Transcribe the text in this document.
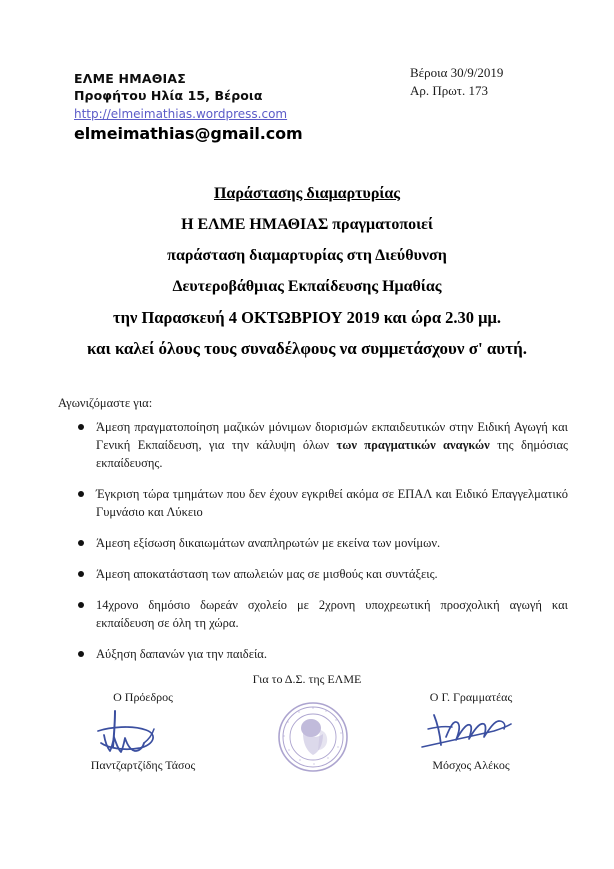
ΕΛΜΕ ΗΜΑΘΙΑΣ
Προφήτου Ηλία 15, Βέροια
http://elmeimathias.wordpress.com
elmeimathias@gmail.com
Βέροια 30/9/2019
Αρ. Πρωτ. 173
Παράστασης διαμαρτυρίας
Η ΕΛΜΕ ΗΜΑΘΙΑΣ πραγματοποιεί
παράσταση διαμαρτυρίας στη Διεύθυνση
Δευτεροβάθμιας Εκπαίδευσης Ημαθίας
την Παρασκευή 4 ΟΚΤΩΒΡΙΟΥ 2019 και ώρα 2.30 μμ.
και καλεί όλους τους συναδέλφους να συμμετάσχουν σ' αυτή.
Αγωνιζόμαστε για:
Άμεση πραγματοποίηση μαζικών μόνιμων διορισμών εκπαιδευτικών στην Ειδική Αγωγή και Γενική Εκπαίδευση, για την κάλυψη όλων των πραγματικών αναγκών της δημόσιας εκπαίδευσης.
Έγκριση τώρα τμημάτων που δεν έχουν εγκριθεί ακόμα σε ΕΠΑΛ και Ειδικό Επαγγελματικό Γυμνάσιο και Λύκειο
Άμεση εξίσωση δικαιωμάτων αναπληρωτών με εκείνα των μονίμων.
Άμεση αποκατάσταση των απωλειών μας σε μισθούς και συντάξεις.
14χρονο δημόσιο δωρεάν σχολείο με 2χρονη υποχρεωτική προσχολική αγωγή και εκπαίδευση σε όλη τη χώρα.
Αύξηση δαπανών για την παιδεία.
Για το Δ.Σ. της ΕΛΜΕ
Ο Πρόεδρος
Παντζαρτζίδης Τάσος
Ο Γ. Γραμματέας
Μόσχος Αλέκος
